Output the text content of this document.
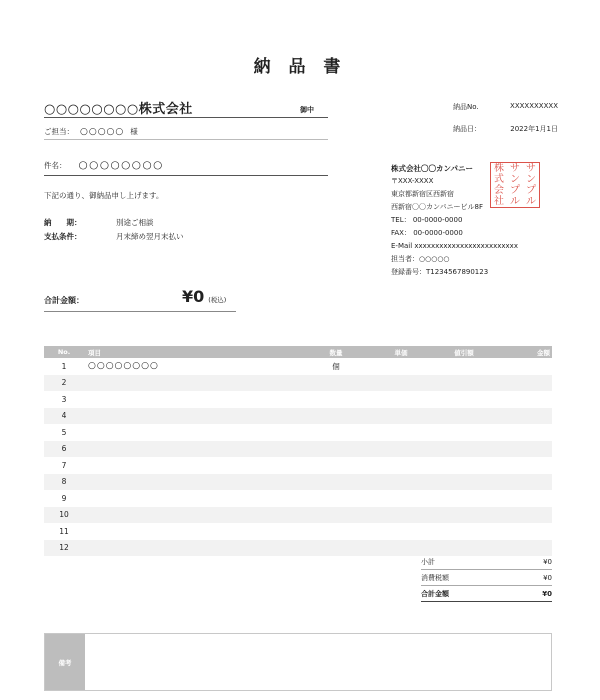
納 品 書
○○○○○○○○株式会社	御中
ご担当： ○○○○○ 様
納品No.	XXXXXXXXXX
納品日：	2022年1月1日
件名： ○○○○○○○○
下記の通り、御納品申し上げます。
納　　期：	別途ご相談
支払条件：	月末締め翌月末払い
株式会社〇〇カンパニー
〒XXX-XXXX
東京都新宿区西新宿
西新宿〇〇カンパニービル8F
TEL： 00-0000-0000
FAX： 00-0000-0000
E-Mail xxxxxxxxxxxxxxxxxxxxxxxxx
担当者：○○○○○
登録番号：T1234567890123
株 サ サ
式 ン ン
会 プ プ
社 ル ル
合計金額：	¥0 (税込)
No.	項目	数量	単価	値引額	金額
1	○○○○○○○○	個
2
3
4
5
6
7
8
9
10
11
12
小計	¥0
消費税額	¥0
合計金額	¥0
備考
